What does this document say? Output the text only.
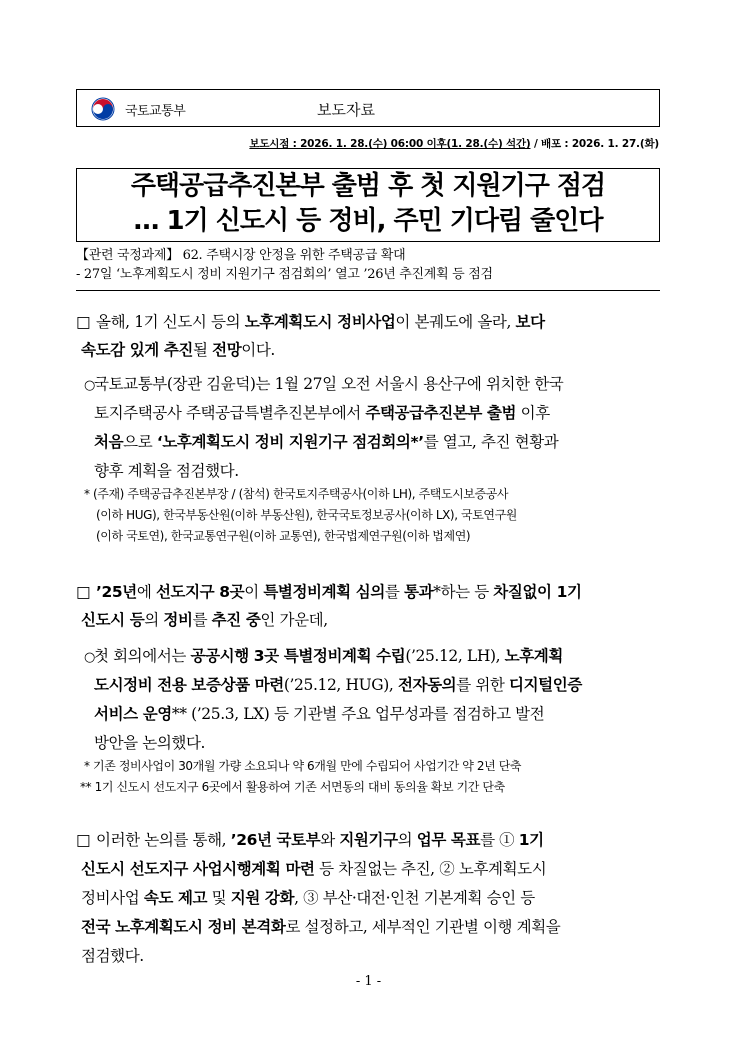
국토교통부	보도자료
보도시점 : 2026. 1. 28.(수) 06:00 이후(1. 28.(수) 석간) / 배포 : 2026. 1. 27.(화)
주택공급추진본부 출범 후 첫 지원기구 점검
… 1기 신도시 등 정비, 주민 기다림 줄인다
【관련 국정과제】 62. 주택시장 안정을 위한 주택공급 확대
- 27일 ‘노후계획도시 정비 지원기구 점검회의’ 열고 ’26년 추진계획 등 점검
□ 올해, 1기 신도시 등의 노후계획도시 정비사업이 본궤도에 올라, 보다
속도감 있게 추진될 전망이다.
○ 국토교통부(장관 김윤덕)는 1월 27일 오전 서울시 용산구에 위치한 한국
토지주택공사 주택공급특별추진본부에서 주택공급추진본부 출범 이후
처음으로 ‘노후계획도시 정비 지원기구 점검회의*’를 열고, 추진 현황과
향후 계획을 점검했다.
* (주재) 주택공급추진본부장 / (참석) 한국토지주택공사(이하 LH), 주택도시보증공사
(이하 HUG), 한국부동산원(이하 부동산원), 한국국토정보공사(이하 LX), 국토연구원
(이하 국토연), 한국교통연구원(이하 교통연), 한국법제연구원(이하 법제연)
□ ’25년에 선도지구 8곳이 특별정비계획 심의를 통과*하는 등 차질없이 1기
신도시 등의 정비를 추진 중인 가운데,
○ 첫 회의에서는 공공시행 3곳 특별정비계획 수립(’25.12, LH), 노후계획
도시정비 전용 보증상품 마련(’25.12, HUG), 전자동의를 위한 디지털인증
서비스 운영** (’25.3, LX) 등 기관별 주요 업무성과를 점검하고 발전
방안을 논의했다.
* 기존 정비사업이 30개월 가량 소요되나 약 6개월 만에 수립되어 사업기간 약 2년 단축
** 1기 신도시 선도지구 6곳에서 활용하여 기존 서면동의 대비 동의율 확보 기간 단축
□ 이러한 논의를 통해, ’26년 국토부와 지원기구의 업무 목표를 ① 1기
신도시 선도지구 사업시행계획 마련 등 차질없는 추진, ② 노후계획도시
정비사업 속도 제고 및 지원 강화, ③ 부산·대전·인천 기본계획 승인 등
전국 노후계획도시 정비 본격화로 설정하고, 세부적인 기관별 이행 계획을
점검했다.
- 1 -
